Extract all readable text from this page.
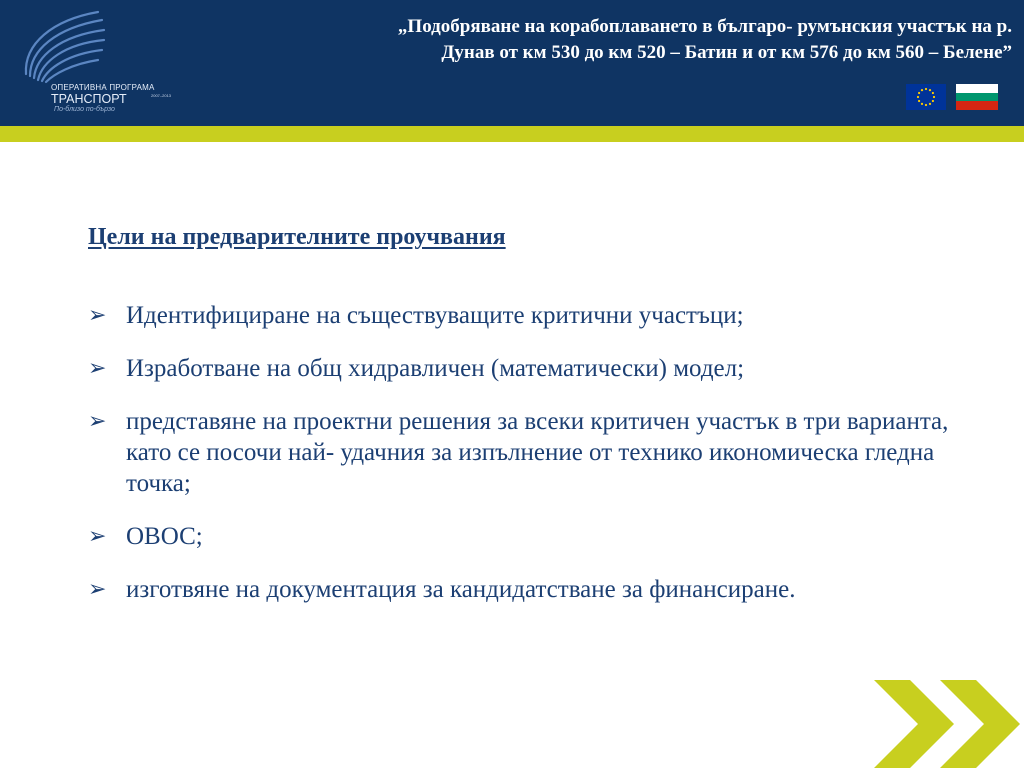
ОПЕРАТИВНА ПРОГРАМА
ТРАНСПОРТ	2007–2013
По-близо по-бързо
„Подобряване на корабоплаването в българо- румънския участък на р.
Дунав от км 530 до км 520 – Батин и от км 576 до км 560 – Белене”
Цели на предварителните проучвания
➢ Идентифициране на съществуващите критични участъци;
➢ Изработване на общ хидравличен (математически) модел;
➢ представяне на проектни решения за всеки критичен участък в три варианта, като се посочи най- удачния за изпълнение от технико икономическа гледна точка;
➢ ОВОС;
➢ изготвяне на документация за кандидатстване за финансиране.
